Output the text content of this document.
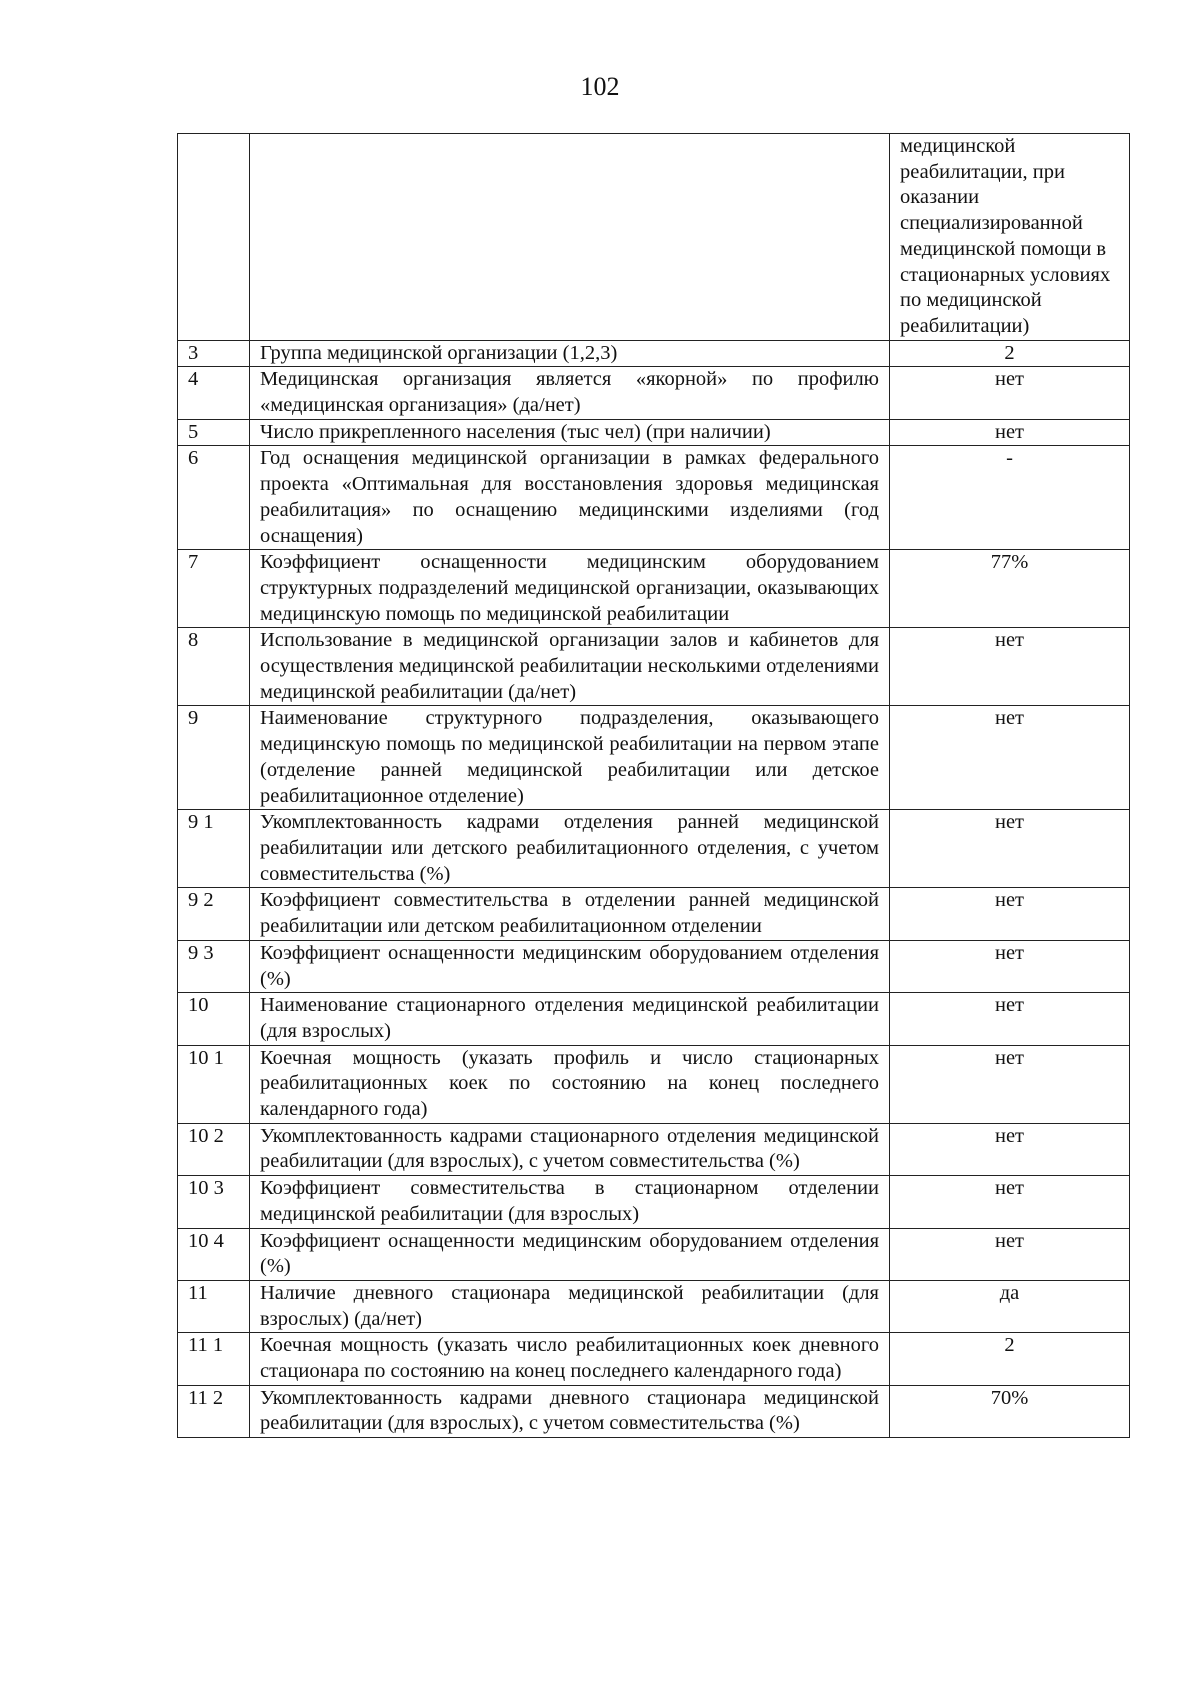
102
		медицинской реабилитации, при оказании специализированной медицинской помощи в стационарных условиях по медицинской реабилитации)
3	Группа медицинской организации (1,2,3)	2
4	Медицинская организация является «якорной» по профилю «медицинская организация» (да/нет)	нет
5	Число прикрепленного населения (тыс чел) (при наличии)	нет
6	Год оснащения медицинской организации в рамках федерального проекта «Оптимальная для восстановления здоровья медицинская реабилитация» по оснащению медицинскими изделиями (год оснащения)	-
7	Коэффициент оснащенности медицинским оборудованием структурных подразделений медицинской организации, оказывающих медицинскую помощь по медицинской реабилитации	77%
8	Использование в медицинской организации залов и кабинетов для осуществления медицинской реабилитации несколькими отделениями медицинской реабилитации (да/нет)	нет
9	Наименование структурного подразделения, оказывающего медицинскую помощь по медицинской реабилитации на первом этапе (отделение ранней медицинской реабилитации или детское реабилитационное отделение)	нет
9 1	Укомплектованность кадрами отделения ранней медицинской реабилитации или детского реабилитационного отделения, с учетом совместительства (%)	нет
9 2	Коэффициент совместительства в отделении ранней медицинской реабилитации или детском реабилитационном отделении	нет
9 3	Коэффициент оснащенности медицинским оборудованием отделения (%)	нет
10	Наименование стационарного отделения медицинской реабилитации (для взрослых)	нет
10 1	Коечная мощность (указать профиль и число стационарных реабилитационных коек по состоянию на конец последнего календарного года)	нет
10 2	Укомплектованность кадрами стационарного отделения медицинской реабилитации (для взрослых), с учетом совместительства (%)	нет
10 3	Коэффициент совместительства в стационарном отделении медицинской реабилитации (для взрослых)	нет
10 4	Коэффициент оснащенности медицинским оборудованием отделения (%)	нет
11	Наличие дневного стационара медицинской реабилитации (для взрослых) (да/нет)	да
11 1	Коечная мощность (указать число реабилитационных коек дневного стационара по состоянию на конец последнего календарного года)	2
11 2	Укомплектованность кадрами дневного стационара медицинской реабилитации (для взрослых), с учетом совместительства (%)	70%
